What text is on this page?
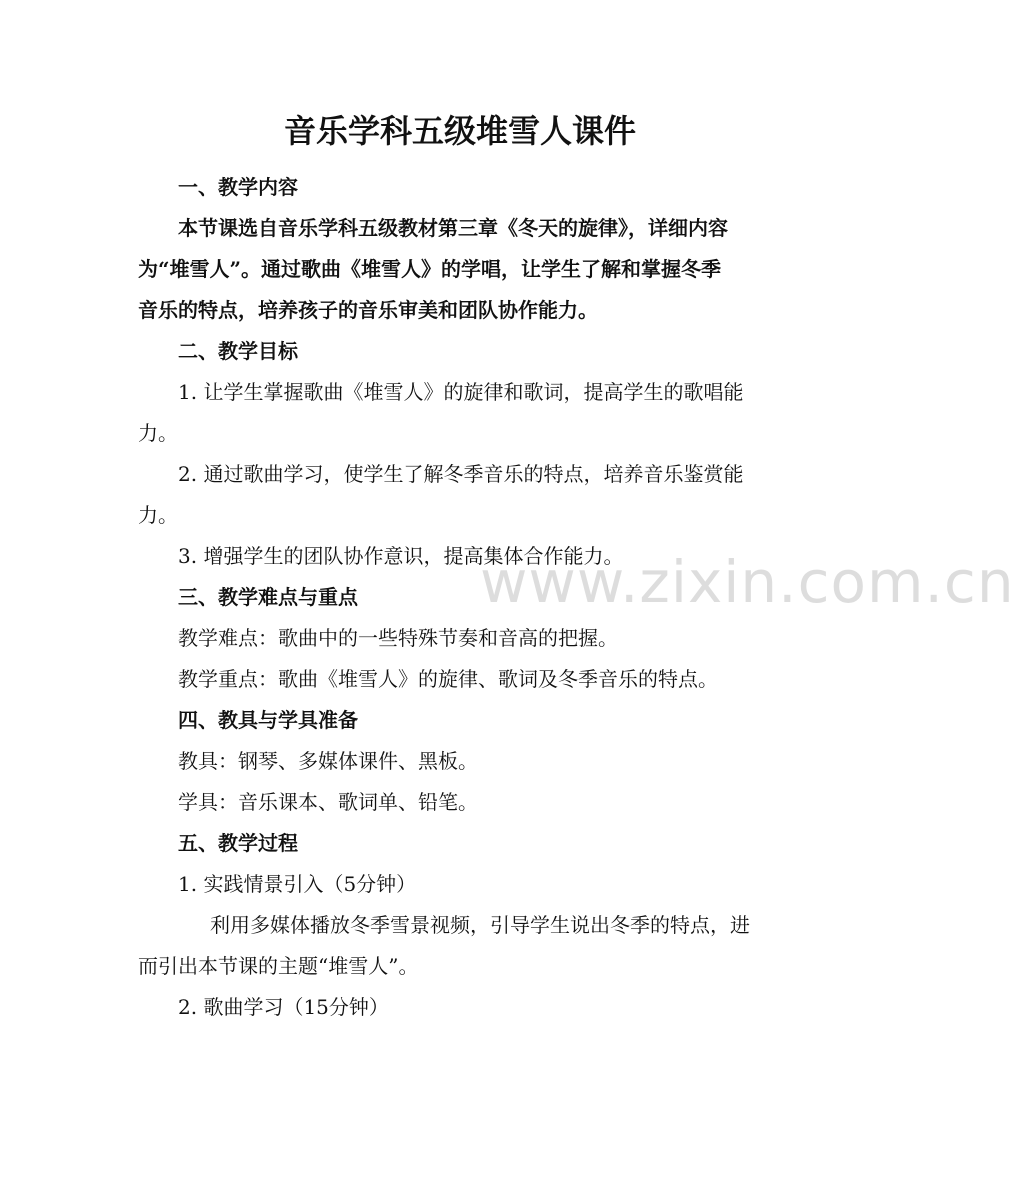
音乐学科五级堆雪人课件
一、教学内容
本节课选自音乐学科五级教材第三章《冬天的旋律》，详细内容
为“堆雪人”。通过歌曲《堆雪人》的学唱，让学生了解和掌握冬季
音乐的特点，培养孩子的音乐审美和团队协作能力。
二、教学目标
1. 让学生掌握歌曲《堆雪人》的旋律和歌词，提高学生的歌唱能
力。
2. 通过歌曲学习，使学生了解冬季音乐的特点，培养音乐鉴赏能
力。
3. 增强学生的团队协作意识，提高集体合作能力。
三、教学难点与重点
教学难点：歌曲中的一些特殊节奏和音高的把握。
教学重点：歌曲《堆雪人》的旋律、歌词及冬季音乐的特点。
四、教具与学具准备
教具：钢琴、多媒体课件、黑板。
学具：音乐课本、歌词单、铅笔。
五、教学过程
1. 实践情景引入（5分钟）
利用多媒体播放冬季雪景视频，引导学生说出冬季的特点，进
而引出本节课的主题“堆雪人”。
2. 歌曲学习（15分钟）
www.zixin.com.cn
